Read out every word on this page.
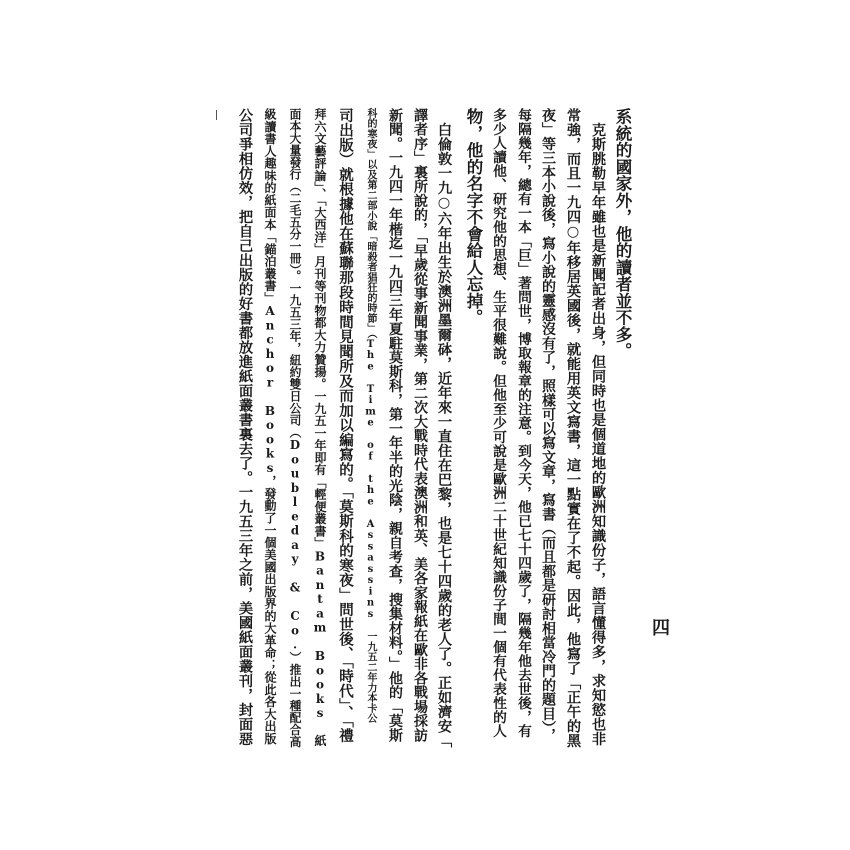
系統的國家外，他的讀者並不多。

　克斯朓勒早年雖也是新聞記者出身，但同時也是個道地的歐洲知識份子，語言懂得多，求知慾也非

常強，而且一九四○年移居英國後，就能用英文寫書，這一點實在了不起。因此，他寫了「正午的黑

夜」等三本小說後，寫小說的靈感沒有了，照樣可以寫文章，寫書（而且都是研討相當冷門的題目），

每隔幾年，總有一本「巨」著問世，博取報章的注意。到今天，他已七十四歲了，隔幾年他去世後，有

多少人讀他、研究他的思想、生平很難說。但他至少可說是歐洲二十世紀知識份子間一個有代表性的人

物，他的名字不會給人忘掉。

　白倫敦一九○六年出生於澳洲墨爾砵，近年來一直住在巴黎，也是七十四歲的老人了。正如濟安「

譯者序」裏所說的，「早歲從事新聞事業，第二次大戰時代表澳洲和英、美各家報紙在歐非各戰場採訪

新聞。一九四一年楷迄一九四三年夏駐莫斯科，第一年半的光陰，親自考查，搜集材料。」他的「莫斯

科的寒夜」以及第二部小說「暗殺者猖狂的時節」（The Time of the Assassins 一九五二年力本卡公

司出版）就根據他在蘇聯那段時間見聞所及而加以編寫的。「莫斯科的寒夜」問世後、「時代」、「禮

拜六文藝評論」、「大西洋」月刊等刊物都大力贊揚。一九五一年即有「輕便叢書」Bantam Books 紙

面本大量發行（二毛五分一冊）。一九五三年，紐約雙日公司（Doubleday & Co.）推出一種配合高

級讀書人趣味的紙面本「錨泊叢書」Anchor Books，發動了一個美國出版界的大革命；從此各大出版

公司爭相仿效，把自己出版的好書都放進紙面叢書裏去了。一九五三年之前，美國紙面叢刊，封面惡	四
